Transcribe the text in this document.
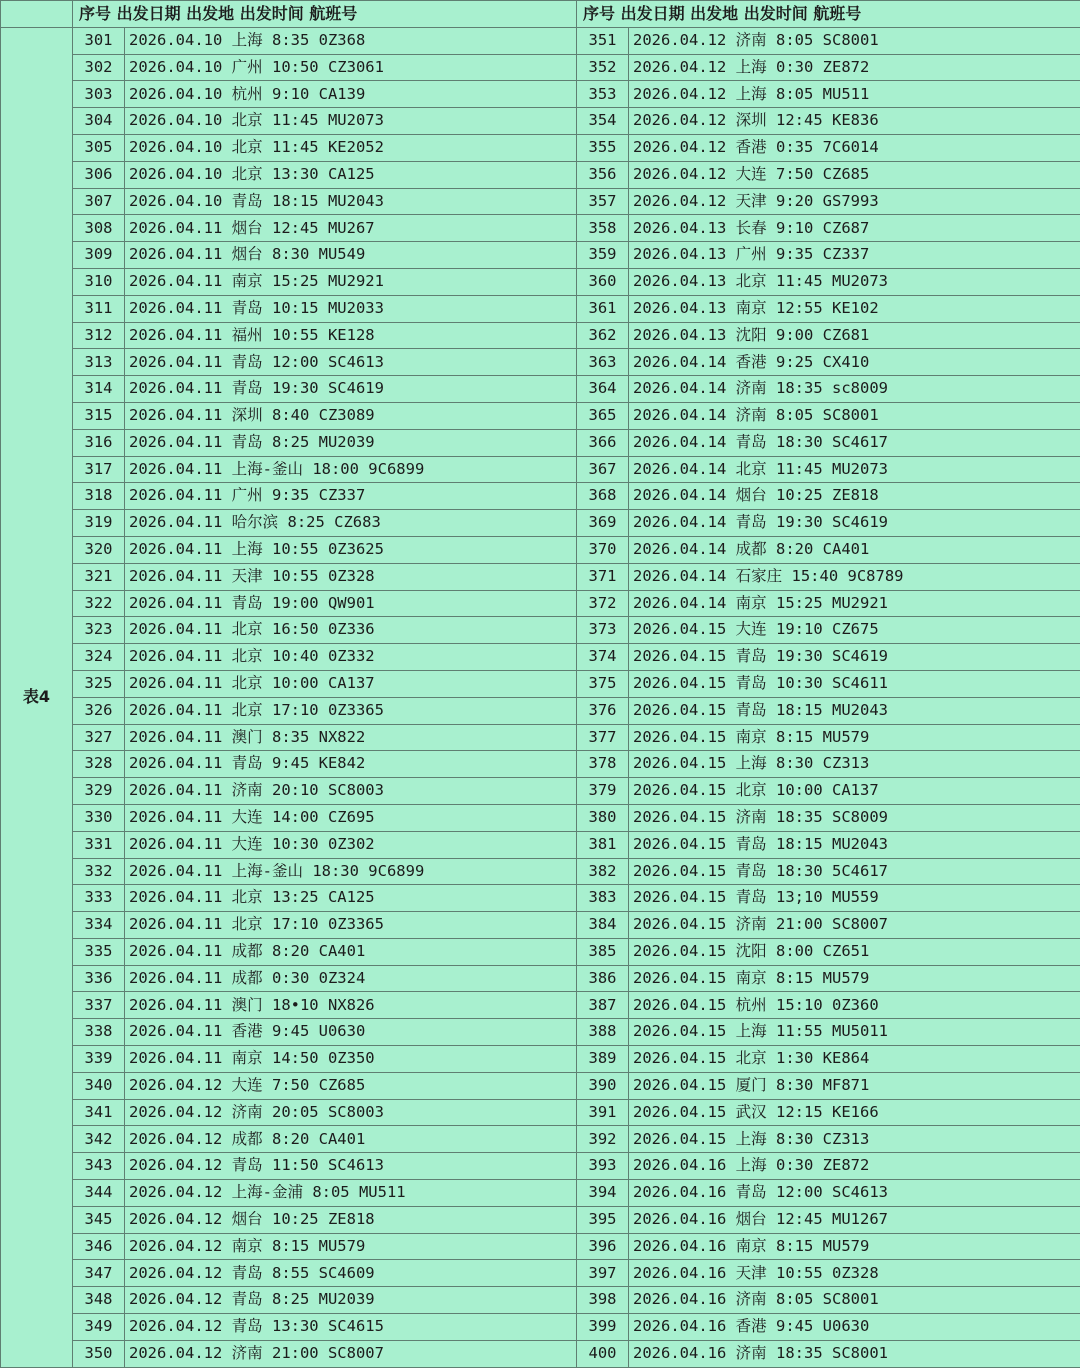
	序号 出发日期 出发地 出发时间 航班号		序号 出发日期 出发地 出发时间 航班号	
表4	301	2026.04.10 上海 8:35 0Z368	351	2026.04.12 济南 8:05 SC8001
	302	2026.04.10 广州 10:50 CZ3061	352	2026.04.12 上海 0:30 ZE872
	303	2026.04.10 杭州 9:10 CA139	353	2026.04.12 上海 8:05 MU511
	304	2026.04.10 北京 11:45 MU2073	354	2026.04.12 深圳 12:45 KE836
	305	2026.04.10 北京 11:45 KE2052	355	2026.04.12 香港 0:35 7C6014
	306	2026.04.10 北京 13:30 CA125	356	2026.04.12 大连 7:50 CZ685
	307	2026.04.10 青岛 18:15 MU2043	357	2026.04.12 天津 9:20 GS7993
	308	2026.04.11 烟台 12:45 MU267	358	2026.04.13 长春 9:10 CZ687
	309	2026.04.11 烟台 8:30 MU549	359	2026.04.13 广州 9:35 CZ337
	310	2026.04.11 南京 15:25 MU2921	360	2026.04.13 北京 11:45 MU2073
	311	2026.04.11 青岛 10:15 MU2033	361	2026.04.13 南京 12:55 KE102
	312	2026.04.11 福州 10:55 KE128	362	2026.04.13 沈阳 9:00 CZ681
	313	2026.04.11 青岛 12:00 SC4613	363	2026.04.14 香港 9:25 CX410
	314	2026.04.11 青岛 19:30 SC4619	364	2026.04.14 济南 18:35 sc8009
	315	2026.04.11 深圳 8:40 CZ3089	365	2026.04.14 济南 8:05 SC8001
	316	2026.04.11 青岛 8:25 MU2039	366	2026.04.14 青岛 18:30 SC4617
	317	2026.04.11 上海-釜山 18:00 9C6899	367	2026.04.14 北京 11:45 MU2073
	318	2026.04.11 广州 9:35 CZ337	368	2026.04.14 烟台 10:25 ZE818
	319	2026.04.11 哈尔滨 8:25 CZ683	369	2026.04.14 青岛 19:30 SC4619
	320	2026.04.11 上海 10:55 0Z3625	370	2026.04.14 成都 8:20 CA401
	321	2026.04.11 天津 10:55 0Z328	371	2026.04.14 石家庄 15:40 9C8789
	322	2026.04.11 青岛 19:00 QW901	372	2026.04.14 南京 15:25 MU2921
	323	2026.04.11 北京 16:50 0Z336	373	2026.04.15 大连 19:10 CZ675
	324	2026.04.11 北京 10:40 0Z332	374	2026.04.15 青岛 19:30 SC4619
	325	2026.04.11 北京 10:00 CA137	375	2026.04.15 青岛 10:30 SC4611
	326	2026.04.11 北京 17:10 0Z3365	376	2026.04.15 青岛 18:15 MU2043
	327	2026.04.11 澳门 8:35 NX822	377	2026.04.15 南京 8:15 MU579
	328	2026.04.11 青岛 9:45 KE842	378	2026.04.15 上海 8:30 CZ313
	329	2026.04.11 济南 20:10 SC8003	379	2026.04.15 北京 10:00 CA137
	330	2026.04.11 大连 14:00 CZ695	380	2026.04.15 济南 18:35 SC8009
	331	2026.04.11 大连 10:30 0Z302	381	2026.04.15 青岛 18:15 MU2043
	332	2026.04.11 上海-釜山 18:30 9C6899	382	2026.04.15 青岛 18:30 5C4617
	333	2026.04.11 北京 13:25 CA125	383	2026.04.15 青岛 13;10 MU559
	334	2026.04.11 北京 17:10 0Z3365	384	2026.04.15 济南 21:00 SC8007
	335	2026.04.11 成都 8:20 CA401	385	2026.04.15 沈阳 8:00 CZ651
	336	2026.04.11 成都 0:30 0Z324	386	2026.04.15 南京 8:15 MU579
	337	2026.04.11 澳门 18•10 NX826	387	2026.04.15 杭州 15:10 0Z360
	338	2026.04.11 香港 9:45 U0630	388	2026.04.15 上海 11:55 MU5011
	339	2026.04.11 南京 14:50 0Z350	389	2026.04.15 北京 1:30 KE864
	340	2026.04.12 大连 7:50 CZ685	390	2026.04.15 厦门 8:30 MF871
	341	2026.04.12 济南 20:05 SC8003	391	2026.04.15 武汉 12:15 KE166
	342	2026.04.12 成都 8:20 CA401	392	2026.04.15 上海 8:30 CZ313
	343	2026.04.12 青岛 11:50 SC4613	393	2026.04.16 上海 0:30 ZE872
	344	2026.04.12 上海-金浦 8:05 MU511	394	2026.04.16 青岛 12:00 SC4613
	345	2026.04.12 烟台 10:25 ZE818	395	2026.04.16 烟台 12:45 MU1267
	346	2026.04.12 南京 8:15 MU579	396	2026.04.16 南京 8:15 MU579
	347	2026.04.12 青岛 8:55 SC4609	397	2026.04.16 天津 10:55 0Z328
	348	2026.04.12 青岛 8:25 MU2039	398	2026.04.16 济南 8:05 SC8001
	349	2026.04.12 青岛 13:30 SC4615	399	2026.04.16 香港 9:45 U0630
	350	2026.04.12 济南 21:00 SC8007	400	2026.04.16 济南 18:35 SC8001
